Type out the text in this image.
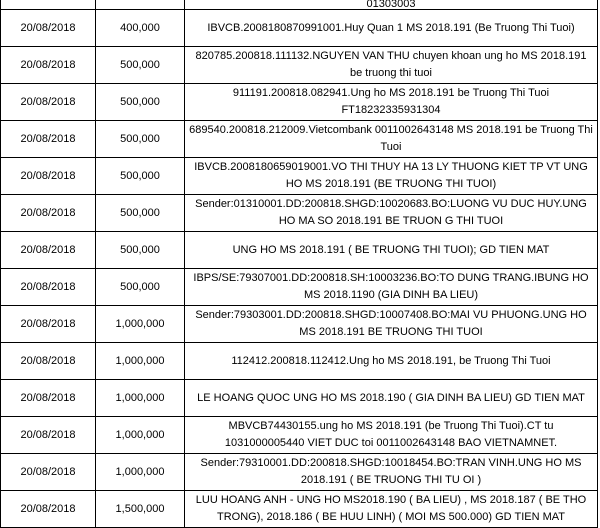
		01303003
20/08/2018	400,000	IBVCB.2008180870991001.Huy Quan 1 MS 2018.191 (Be Truong Thi Tuoi)
20/08/2018	500,000	820785.200818.111132.NGUYEN VAN THU chuyen khoan ung ho MS 2018.191 be truong thi tuoi
20/08/2018	500,000	911191.200818.082941.Ung ho MS 2018.191 be Truong Thi Tuoi FT18232335931304
20/08/2018	500,000	689540.200818.212009.Vietcombank 0011002643148 MS 2018.191 be Truong Thi Tuoi
20/08/2018	500,000	IBVCB.2008180659019001.VO THI THUY HA 13 LY THUONG KIET TP VT UNG HO MS 2018.191 (BE TRUONG THI TUOI)
20/08/2018	500,000	Sender:01310001.DD:200818.SHGD:10020683.BO:LUONG VU DUC HUY.UNG HO MA SO 2018.191 BE TRUON G THI TUOI
20/08/2018	500,000	UNG HO MS 2018.191 ( BE TRUONG THI TUOI); GD TIEN MAT
20/08/2018	500,000	IBPS/SE:79307001.DD:200818.SH:10003236.BO:TO DUNG TRANG.IBUNG HO MS 2018.1190 (GIA DINH BA LIEU)
20/08/2018	1,000,000	Sender:79303001.DD:200818.SHGD:10007408.BO:MAI VU PHUONG.UNG HO MS 2018.191 BE TRUONG THI TUOI
20/08/2018	1,000,000	112412.200818.112412.Ung ho MS 2018.191, be Truong Thi Tuoi
20/08/2018	1,000,000	LE HOANG QUOC UNG HO MS 2018.190 ( GIA DINH BA LIEU) GD TIEN MAT
20/08/2018	1,000,000	MBVCB74430155.ung ho MS 2018.191 (be Truong Thi Tuoi).CT tu 1031000005440 VIET DUC toi 0011002643148 BAO VIETNAMNET.
20/08/2018	1,000,000	Sender:79310001.DD:200818.SHGD:10018454.BO:TRAN VINH.UNG HO MS 2018.191 ( BE TRUONG THI TU OI )
20/08/2018	1,500,000	LUU HOANG ANH - UNG HO MS2018.190 ( BA LIEU) , MS 2018.187 ( BE THO TRONG), 2018.186 ( BE HUU LINH) ( MOI MS 500.000) GD TIEN MAT
